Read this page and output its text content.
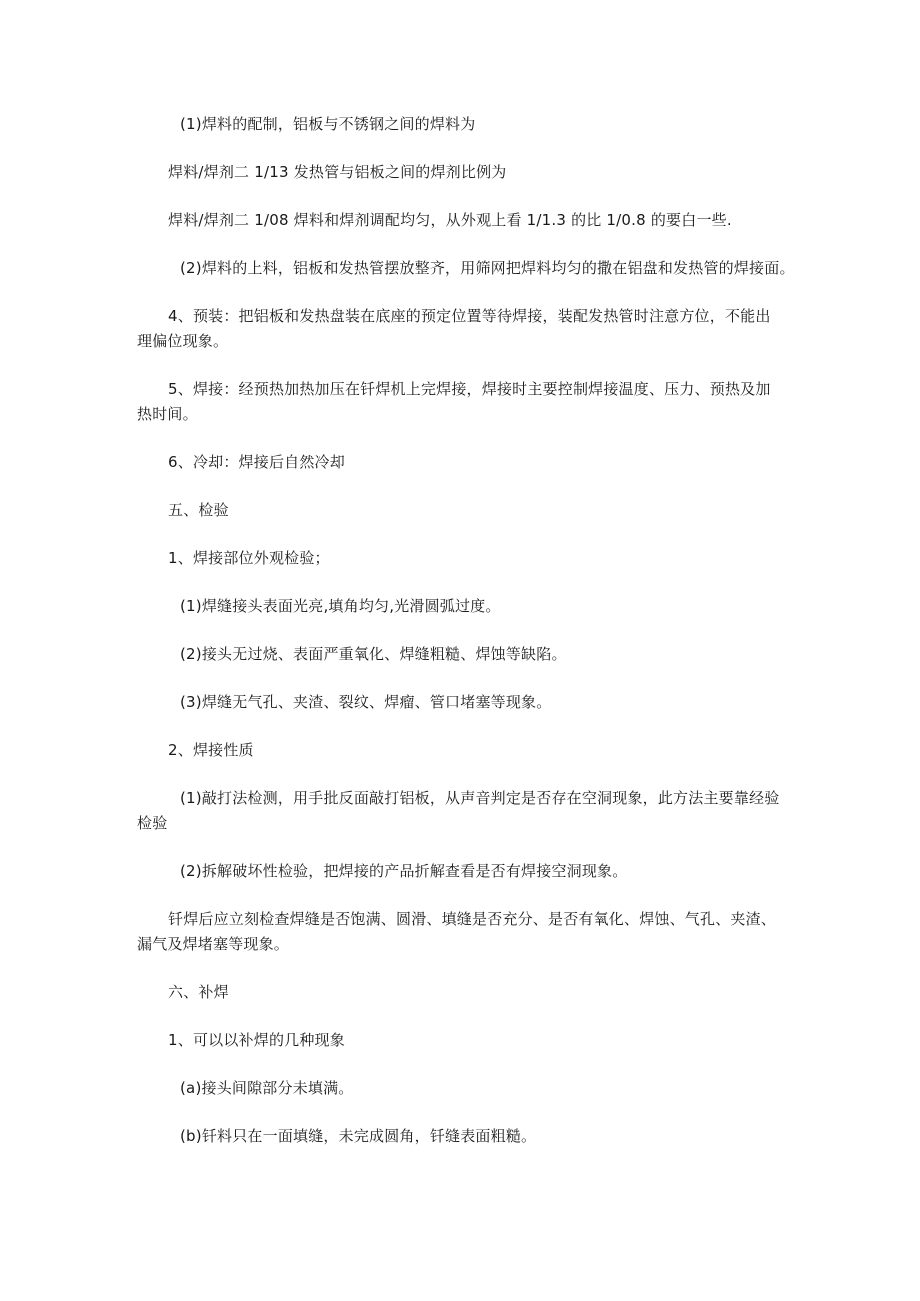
(1)焊料的配制，铝板与不锈钢之间的焊料为
焊料/焊剂二 1/13 发热管与铝板之间的焊剂比例为
焊料/焊剂二 1/08 焊料和焊剂调配均匀，从外观上看 1/1.3 的比 1/0.8 的要白一些.
(2)焊料的上料，铝板和发热管摆放整齐，用筛网把焊料均匀的撒在铝盘和发热管的焊接面。
4、预装：把铝板和发热盘装在底座的预定位置等待焊接，装配发热管时注意方位，不能出
理偏位现象。
5、焊接：经预热加热加压在钎焊机上完焊接，焊接时主要控制焊接温度、压力、预热及加
热时间。
6、冷却：焊接后自然冷却
五、检验
1、焊接部位外观检验；
(1)焊缝接头表面光亮,填角均匀,光滑圆弧过度。
(2)接头无过烧、表面严重氧化、焊缝粗糙、焊蚀等缺陷。
(3)焊缝无气孔、夹渣、裂纹、焊瘤、管口堵塞等现象。
2、焊接性质
(1)敲打法检测，用手批反面敲打铝板，从声音判定是否存在空洞现象，此方法主要靠经验
检验
(2)拆解破坏性检验，把焊接的产品折解查看是否有焊接空洞现象。
钎焊后应立刻检查焊缝是否饱满、圆滑、填缝是否充分、是否有氧化、焊蚀、气孔、夹渣、
漏气及焊堵塞等现象。
六、补焊
1、可以以补焊的几种现象
(a)接头间隙部分未填满。
(b)钎料只在一面填缝，未完成圆角，钎缝表面粗糙。
